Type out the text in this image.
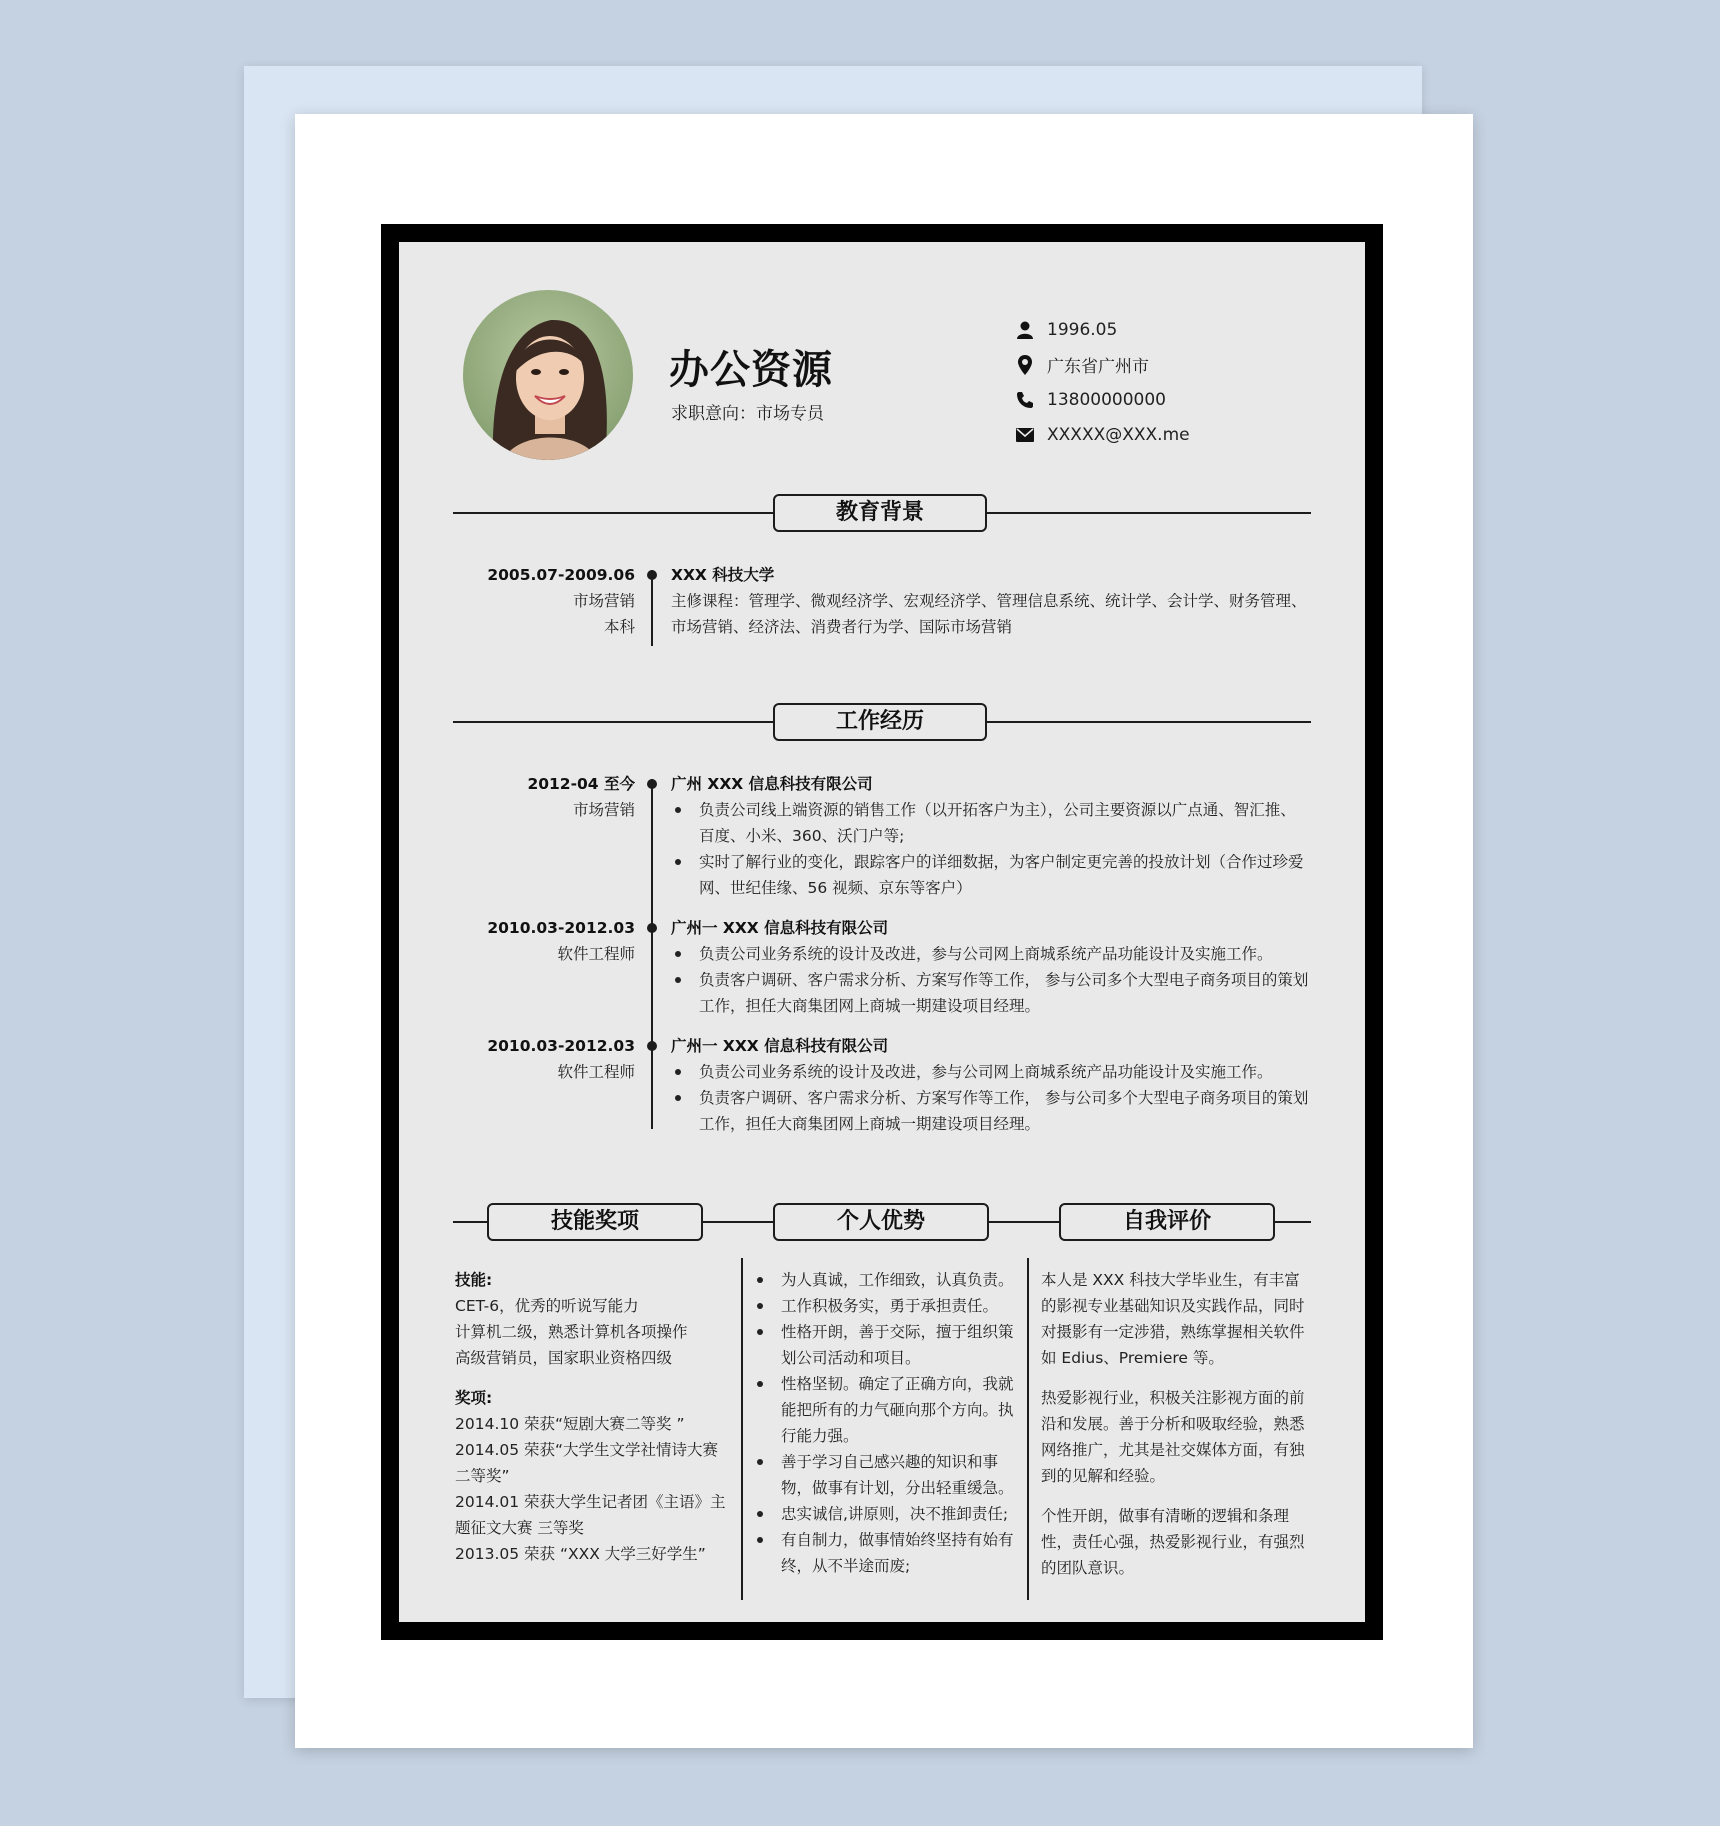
办公资源
求职意向：市场专员
1996.05
广东省广州市
13800000000
XXXXX@XXX.me
教育背景
2005.07-2009.06
市场营销
本科
XXX 科技大学
主修课程：管理学、微观经济学、宏观经济学、管理信息系统、统计学、会计学、财务管理、
市场营销、经济法、消费者行为学、国际市场营销
工作经历
2012-04 至今
市场营销
广州 XXX 信息科技有限公司
负责公司线上端资源的销售工作（以开拓客户为主），公司主要资源以广点通、智汇推、百度、小米、360、沃门户等;
实时了解行业的变化，跟踪客户的详细数据，为客户制定更完善的投放计划（合作过珍爱网、世纪佳缘、56 视频、京东等客户）
2010.03-2012.03
软件工程师
广州一 XXX 信息科技有限公司
负责公司业务系统的设计及改进，参与公司网上商城系统产品功能设计及实施工作。
负责客户调研、客户需求分析、方案写作等工作， 参与公司多个大型电子商务项目的策划工作，担任大商集团网上商城一期建设项目经理。
2010.03-2012.03
软件工程师
广州一 XXX 信息科技有限公司
负责公司业务系统的设计及改进，参与公司网上商城系统产品功能设计及实施工作。
负责客户调研、客户需求分析、方案写作等工作， 参与公司多个大型电子商务项目的策划工作，担任大商集团网上商城一期建设项目经理。
技能奖项	个人优势	自我评价
技能:
CET-6，优秀的听说写能力
计算机二级，熟悉计算机各项操作
高级营销员，国家职业资格四级
奖项:
2014.10 荣获“短剧大赛二等奖 ”
2014.05 荣获“大学生文学社情诗大赛二等奖”
2014.01 荣获大学生记者团《主语》主题征文大赛 三等奖
2013.05 荣获 “XXX 大学三好学生”
为人真诚，工作细致，认真负责。
工作积极务实，勇于承担责任。
性格开朗，善于交际，擅于组织策划公司活动和项目。
性格坚韧。确定了正确方向，我就能把所有的力气砸向那个方向。执行能力强。
善于学习自己感兴趣的知识和事物，做事有计划，分出轻重缓急。
忠实诚信,讲原则，决不推卸责任;
有自制力，做事情始终坚持有始有终，从不半途而废;

本人是 XXX 科技大学毕业生，有丰富的影视专业基础知识及实践作品，同时对摄影有一定涉猎，熟练掌握相关软件如 Edius、Premiere 等。

热爱影视行业，积极关注影视方面的前沿和发展。善于分析和吸取经验，熟悉网络推广，尤其是社交媒体方面，有独到的见解和经验。

个性开朗，做事有清晰的逻辑和条理性，责任心强，热爱影视行业，有强烈的团队意识。
